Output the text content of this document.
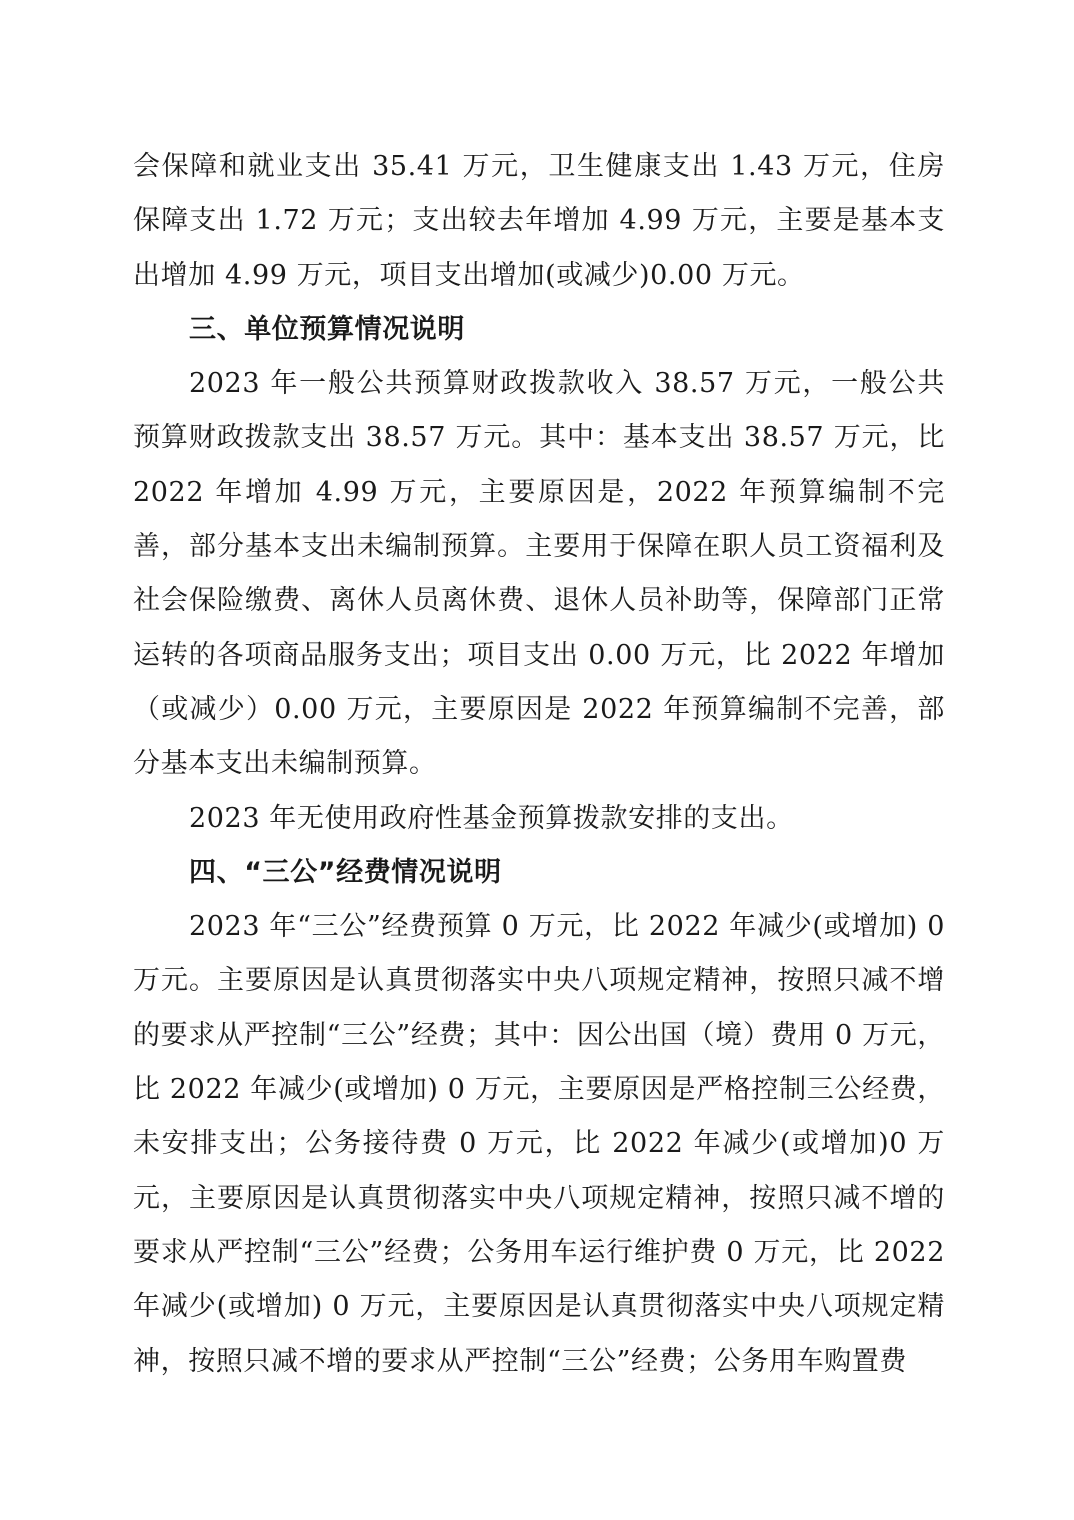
会保障和就业支出 35.41 万元，卫生健康支出 1.43 万元，住房保障支出 1.72 万元；支出较去年增加 4.99 万元，主要是基本支出增加 4.99 万元，项目支出增加(或减少)0.00 万元。

三、单位预算情况说明

2023 年一般公共预算财政拨款收入 38.57 万元，一般公共预算财政拨款支出 38.57 万元。其中：基本支出 38.57 万元，比 2022 年增加 4.99 万元，主要原因是，2022 年预算编制不完善，部分基本支出未编制预算。主要用于保障在职人员工资福利及社会保险缴费、离休人员离休费、退休人员补助等，保障部门正常运转的各项商品服务支出；项目支出 0.00 万元，比 2022 年增加（或减少）0.00 万元，主要原因是 2022 年预算编制不完善，部分基本支出未编制预算。

2023 年无使用政府性基金预算拨款安排的支出。

四、“三公”经费情况说明

2023 年“三公”经费预算 0 万元，比 2022 年减少(或增加) 0 万元。主要原因是认真贯彻落实中央八项规定精神，按照只减不增的要求从严控制“三公”经费；其中：因公出国（境）费用 0 万元，比 2022 年减少(或增加) 0 万元，主要原因是严格控制三公经费，未安排支出；公务接待费 0 万元，比 2022 年减少(或增加)0 万元，主要原因是认真贯彻落实中央八项规定精神，按照只减不增的要求从严控制“三公”经费；公务用车运行维护费 0 万元，比 2022 年减少(或增加) 0 万元，主要原因是认真贯彻落实中央八项规定精神，按照只减不增的要求从严控制“三公”经费；公务用车购置费
